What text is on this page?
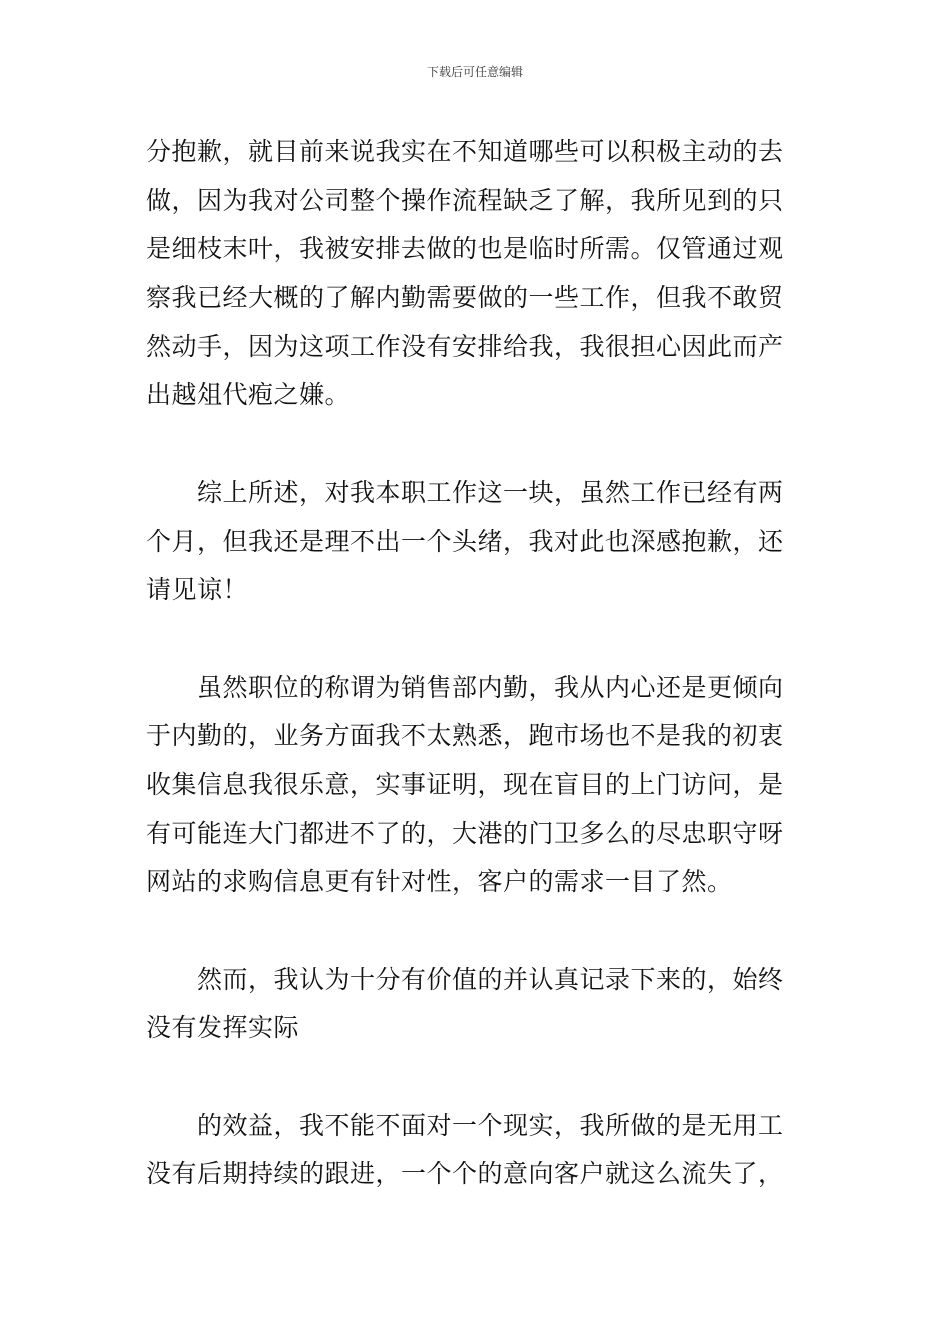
下载后可任意编辑

分抱歉，就目前来说我实在不知道哪些可以积极主动的去
做，因为我对公司整个操作流程缺乏了解，我所见到的只
是细枝末叶，我被安排去做的也是临时所需。仅管通过观
察我已经大概的了解内勤需要做的一些工作，但我不敢贸
然动手，因为这项工作没有安排给我，我很担心因此而产
出越俎代疱之嫌。

综上所述，对我本职工作这一块，虽然工作已经有两
个月，但我还是理不出一个头绪，我对此也深感抱歉，还
请见谅！

虽然职位的称谓为销售部内勤，我从内心还是更倾向
于内勤的，业务方面我不太熟悉，跑市场也不是我的初衷
收集信息我很乐意，实事证明，现在盲目的上门访问，是
有可能连大门都进不了的，大港的门卫多么的尽忠职守呀
网站的求购信息更有针对性，客户的需求一目了然。

然而，我认为十分有价值的并认真记录下来的，始终
没有发挥实际

的效益，我不能不面对一个现实，我所做的是无用工
没有后期持续的跟进，一个个的意向客户就这么流失了，
